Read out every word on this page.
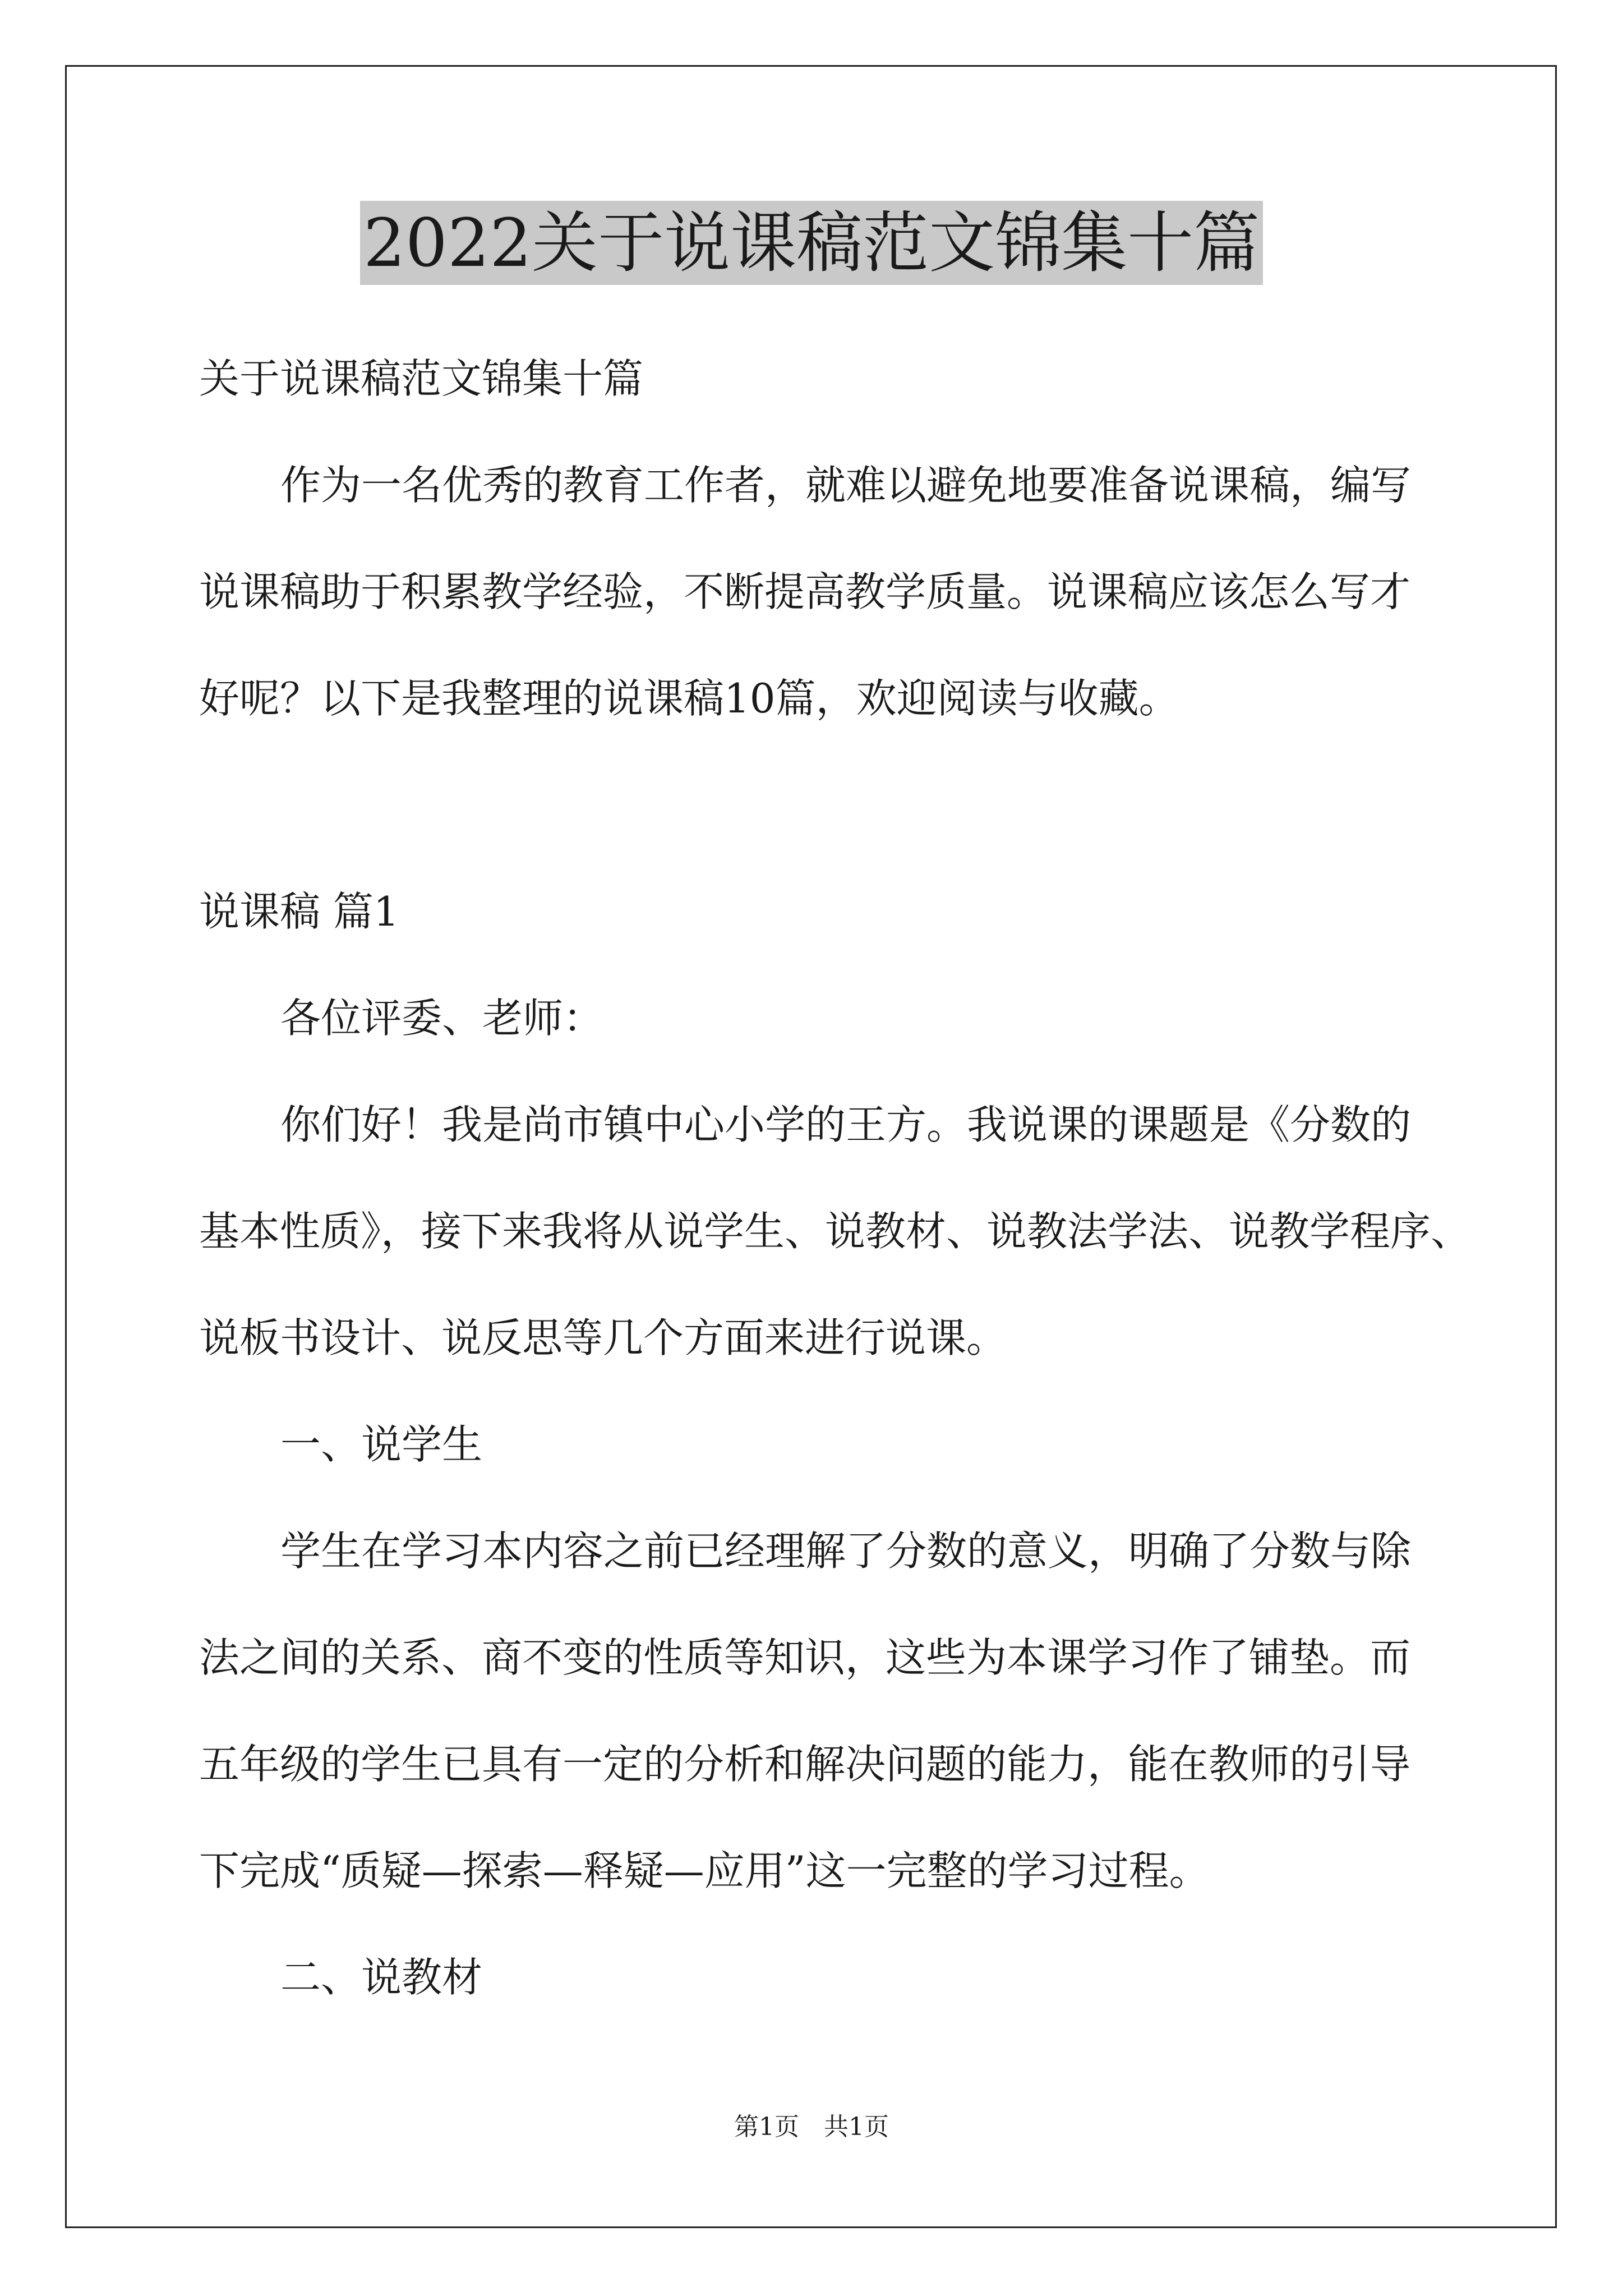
2022关于说课稿范文锦集十篇
关于说课稿范文锦集十篇
作为一名优秀的教育工作者，就难以避免地要准备说课稿，编写
说课稿助于积累教学经验，不断提高教学质量。说课稿应该怎么写才
好呢？以下是我整理的说课稿10篇，欢迎阅读与收藏。
说课稿 篇1
各位评委、老师：
你们好！我是尚市镇中心小学的王方。我说课的课题是《分数的
基本性质》，接下来我将从说学生、说教材、说教法学法、说教学程序、
说板书设计、说反思等几个方面来进行说课。
一、说学生
学生在学习本内容之前已经理解了分数的意义，明确了分数与除
法之间的关系、商不变的性质等知识，这些为本课学习作了铺垫。而
五年级的学生已具有一定的分析和解决问题的能力，能在教师的引导
下完成“质疑—探索—释疑—应用”这一完整的学习过程。
二、说教材
第1页　共1页
